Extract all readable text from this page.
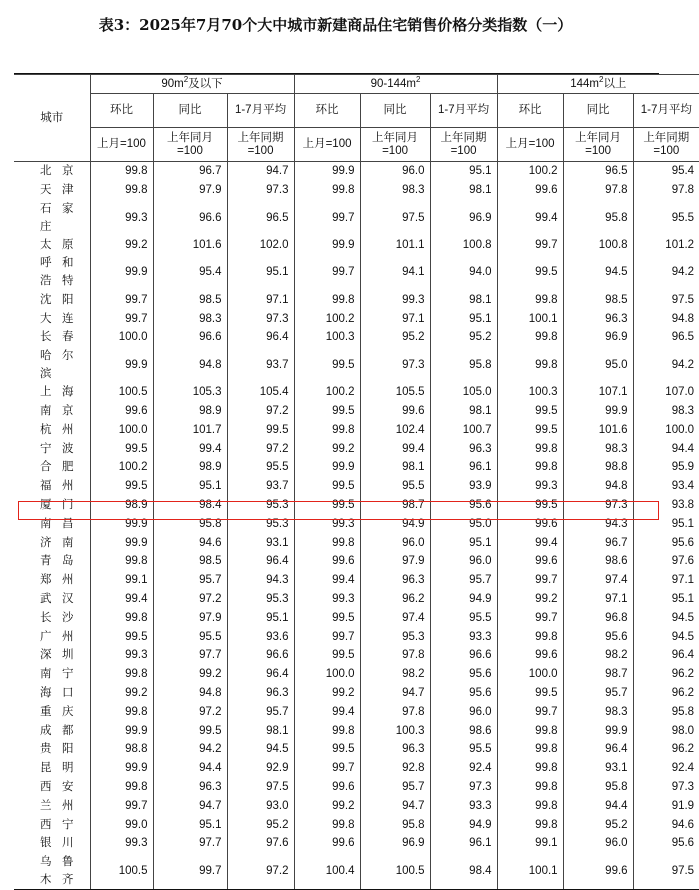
表3：2025年7月70个大中城市新建商品住宅销售价格分类指数（一）
城市	$90m^2$及以下			$90-144m^2$			$144m^2$以上		
	环比	同比	1-7月平均	环比	同比	1-7月平均	环比	同比	1-7月平均
	上月=100	上年同月=100	上年同期=100	上月=100	上年同月=100	上年同期=100	上月=100	上年同月=100	上年同期=100
北京	99.8	96.7	94.7	99.9	96.0	95.1	100.2	96.5	95.4
天津	99.8	97.9	97.3	99.8	98.3	98.1	99.6	97.8	97.8
石家庄	99.3	96.6	96.5	99.7	97.5	96.9	99.4	95.8	95.5
太原	99.2	101.6	102.0	99.9	101.1	100.8	99.7	100.8	101.2
呼和浩特	99.9	95.4	95.1	99.7	94.1	94.0	99.5	94.5	94.2
沈阳	99.7	98.5	97.1	99.8	99.3	98.1	99.8	98.5	97.5
大连	99.7	98.3	97.3	100.2	97.1	95.1	100.1	96.3	94.8
长春	100.0	96.6	96.4	100.3	95.2	95.2	99.8	96.9	96.5
哈尔滨	99.9	94.8	93.7	99.5	97.3	95.8	99.8	95.0	94.2
上海	100.5	105.3	105.4	100.2	105.5	105.0	100.3	107.1	107.0
南京	99.6	98.9	97.2	99.5	99.6	98.1	99.5	99.9	98.3
杭州	100.0	101.7	99.5	99.8	102.4	100.7	99.5	101.6	100.0
宁波	99.5	99.4	97.2	99.2	99.4	96.3	99.8	98.3	94.4
合肥	100.2	98.9	95.5	99.9	98.1	96.1	99.8	98.8	95.9
福州	99.5	95.1	93.7	99.5	95.5	93.9	99.3	94.8	93.4
厦门	98.9	98.4	95.3	99.5	98.7	95.6	99.5	97.3	93.8
南昌	99.9	95.8	95.3	99.3	94.9	95.0	99.6	94.3	95.1
济南	99.9	94.6	93.1	99.8	96.0	95.1	99.4	96.7	95.6
青岛	99.8	98.5	96.4	99.6	97.9	96.0	99.6	98.6	97.6
郑州	99.1	95.7	94.3	99.4	96.3	95.7	99.7	97.4	97.1
武汉	99.4	97.2	95.3	99.3	96.2	94.9	99.2	97.1	95.1
长沙	99.8	97.9	95.1	99.5	97.4	95.5	99.7	96.8	94.5
广州	99.5	95.5	93.6	99.7	95.3	93.3	99.8	95.6	94.5
深圳	99.3	97.7	96.6	99.5	97.8	96.6	99.6	98.2	96.4
南宁	99.8	99.2	96.4	100.0	98.2	95.6	100.0	98.7	96.2
海口	99.2	94.8	96.3	99.2	94.7	95.6	99.5	95.7	96.2
重庆	99.8	97.2	95.7	99.4	97.8	96.0	99.7	98.3	95.8
成都	99.9	99.5	98.1	99.8	100.3	98.6	99.8	99.9	98.0
贵阳	98.8	94.2	94.5	99.5	96.3	95.5	99.8	96.4	96.2
昆明	99.9	94.4	92.9	99.7	92.8	92.4	99.8	93.1	92.4
西安	99.8	96.3	97.5	99.6	95.7	97.3	99.8	95.8	97.3
兰州	99.7	94.7	93.0	99.2	94.7	93.3	99.8	94.4	91.9
西宁	99.0	95.1	95.2	99.8	95.8	94.9	99.8	95.2	94.6
银川	99.3	97.7	97.6	99.6	96.9	96.1	99.1	96.0	95.6
乌鲁木齐	100.5	99.7	97.2	100.4	100.5	98.4	100.1	99.6	97.5
